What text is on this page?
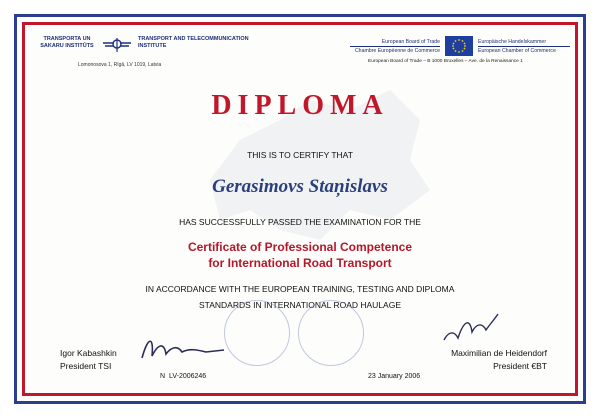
TRANSPORTA UN SAKARU INSTITŪTS
TRANSPORT AND TELECOMMUNICATION INSTITUTE
Lomonosova 1, Rīgā, LV 1019, Latvia
European Board of Trade
Chambre Européenne de Commerce
Europäische Handelskammer
European Chamber of Commerce
European Board of Trade – B 1000 Bruxelles – Ave. de la Renaissance 1
DIPLOMA
THIS IS TO CERTIFY THAT
Gerasimovs Staņislavs
HAS SUCCESSFULLY PASSED THE EXAMINATION FOR THE
Certificate of Professional Competence
for International Road Transport
IN ACCORDANCE WITH THE EUROPEAN TRAINING, TESTING AND DIPLOMA
STANDARDS IN INTERNATIONAL ROAD HAULAGE
Igor Kabashkin
President TSI
Maximilian de Heidendorf
President €BT
N LV-2006246	23 January 2006
